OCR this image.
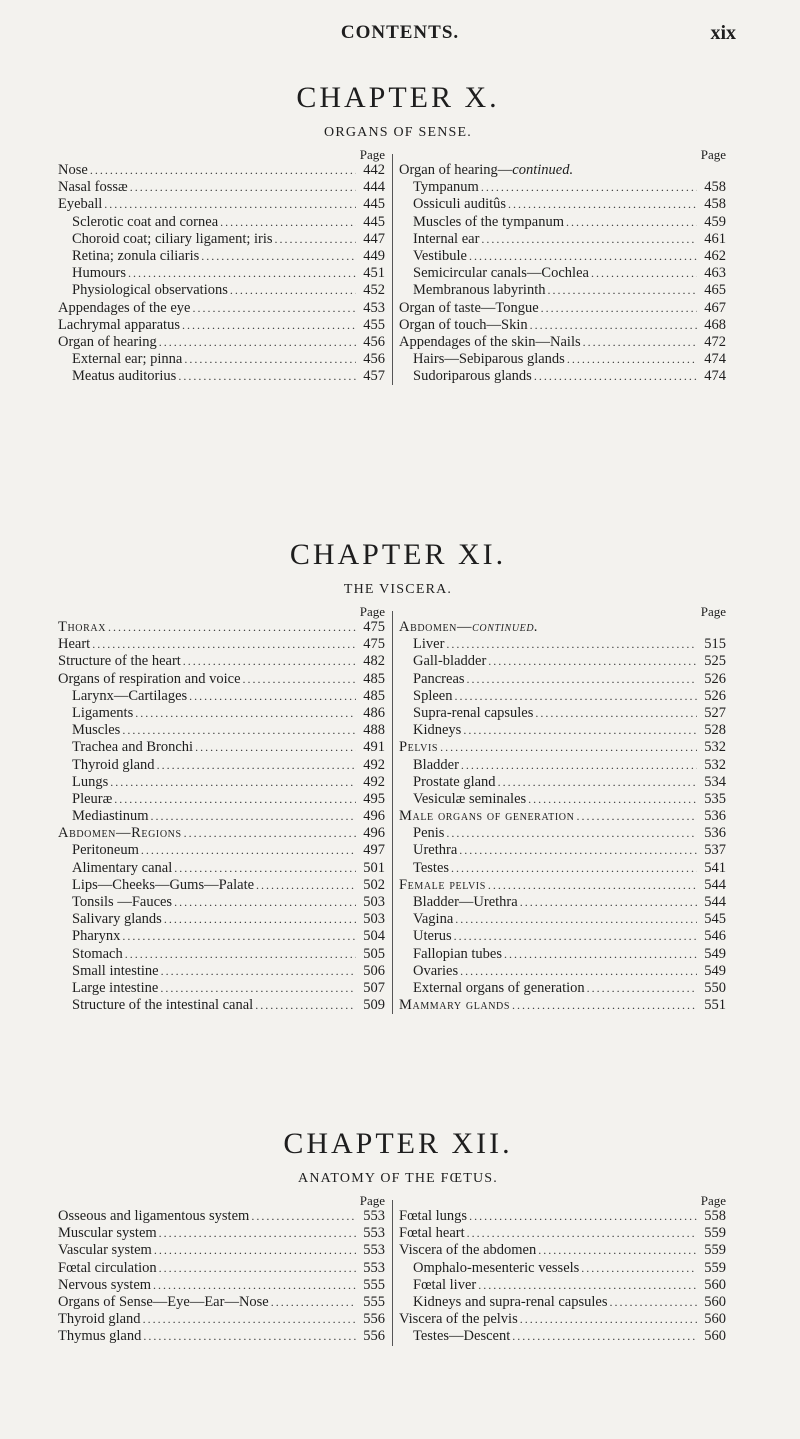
CONTENTS.	xix
CHAPTER X.
ORGANS OF SENSE.
Page
Nose .....	442
Nasal fossæ .....	444
Eyeball .....	445
Sclerotic coat and cornea .....	445
Choroid coat; ciliary ligament; iris .....	447
Retina; zonula ciliaris .....	449
Humours .....	451
Physiological observations .....	452
Appendages of the eye .....	453
Lachrymal apparatus .....	455
Organ of hearing .....	456
External ear; pinna .....	456
Meatus auditorius .....	457
Page
Organ of hearing—continued.
Tympanum .....	458
Ossiculi auditûs .....	458
Muscles of the tympanum .....	459
Internal ear .....	461
Vestibule .....	462
Semicircular canals—Cochlea .....	463
Membranous labyrinth .....	465
Organ of taste—Tongue .....	467
Organ of touch—Skin .....	468
Appendages of the skin—Nails .....	472
Hairs—Sebiparous glands .....	474
Sudoriparous glands .....	474
CHAPTER XI.
THE VISCERA.
Page
Thorax .....	475
Heart .....	475
Structure of the heart .....	482
Organs of respiration and voice .....	485
Larynx—Cartilages .....	485
Ligaments .....	486
Muscles .....	488
Trachea and Bronchi .....	491
Thyroid gland .....	492
Lungs .....	492
Pleuræ .....	495
Mediastinum .....	496
Abdomen—Regions .....	496
Peritoneum .....	497
Alimentary canal .....	501
Lips—Cheeks—Gums—Palate .....	502
Tonsils —Fauces .....	503
Salivary glands .....	503
Pharynx .....	504
Stomach .....	505
Small intestine .....	506
Large intestine .....	507
Structure of the intestinal canal .....	509
Page
Abdomen—continued.
Liver .....	515
Gall-bladder .....	525
Pancreas .....	526
Spleen .....	526
Supra-renal capsules .....	527
Kidneys .....	528
Pelvis .....	532
Bladder .....	532
Prostate gland .....	534
Vesiculæ seminales .....	535
Male organs of generation .....	536
Penis .....	536
Urethra .....	537
Testes .....	541
Female pelvis .....	544
Bladder—Urethra .....	544
Vagina .....	545
Uterus .....	546
Fallopian tubes .....	549
Ovaries .....	549
External organs of generation .....	550
Mammary glands .....	551
CHAPTER XII.
ANATOMY OF THE FŒTUS.
Page
Osseous and ligamentous system .....	553
Muscular system .....	553
Vascular system .....	553
Fœtal circulation .....	553
Nervous system .....	555
Organs of Sense—Eye—Ear—Nose .....	555
Thyroid gland .....	556
Thymus gland .....	556
Page
Fœtal lungs .....	558
Fœtal heart .....	559
Viscera of the abdomen .....	559
Omphalo-mesenteric vessels .....	559
Fœtal liver .....	560
Kidneys and supra-renal capsules .....	560
Viscera of the pelvis .....	560
Testes—Descent .....	560
